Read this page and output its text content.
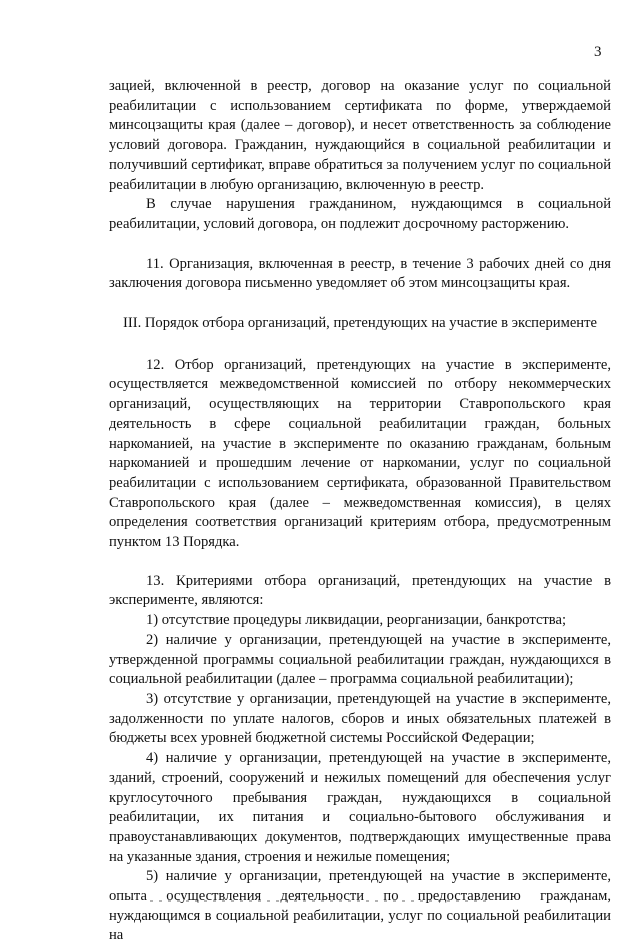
3

зацией, включенной в реестр, договор на оказание услуг по социальной реабилитации с использованием сертификата по форме, утверждаемой минсоцзащиты края (далее – договор), и несет ответственность за соблюдение условий договора. Гражданин, нуждающийся в социальной реабилитации и получивший сертификат, вправе обратиться за получением услуг по социальной реабилитации в любую организацию, включенную в реестр.

В случае нарушения гражданином, нуждающимся в социальной реабилитации, условий договора, он подлежит досрочному расторжению.

11. Организация, включенная в реестр, в течение 3 рабочих дней со дня заключения договора письменно уведомляет об этом минсоцзащиты края.

III. Порядок отбора организаций, претендующих на участие в эксперименте

12. Отбор организаций, претендующих на участие в эксперименте, осуществляется межведомственной комиссией по отбору некоммерческих организаций, осуществляющих на территории Ставропольского края деятельность в сфере социальной реабилитации граждан, больных наркоманией, на участие в эксперименте по оказанию гражданам, больным наркоманией и прошедшим лечение от наркомании, услуг по социальной реабилитации с использованием сертификата, образованной Правительством Ставропольского края (далее – межведомственная комиссия), в целях определения соответствия организаций критериям отбора, предусмотренным пунктом 13 Порядка.

13. Критериями отбора организаций, претендующих на участие в эксперименте, являются:

1) отсутствие процедуры ликвидации, реорганизации, банкротства;

2) наличие у организации, претендующей на участие в эксперименте, утвержденной программы социальной реабилитации граждан, нуждающихся в социальной реабилитации (далее – программа социальной реабилитации);

3) отсутствие у организации, претендующей на участие в эксперименте, задолженности по уплате налогов, сборов и иных обязательных платежей в бюджеты всех уровней бюджетной системы Российской Федерации;

4) наличие у организации, претендующей на участие в эксперименте, зданий, строений, сооружений и нежилых помещений для обеспечения услуг круглосуточного пребывания граждан, нуждающихся в социальной реабилитации, их питания и социально-бытового обслуживания и правоустанавливающих документов, подтверждающих имущественные права на указанные здания, строения и нежилые помещения;

5) наличие у организации, претендующей на участие в эксперименте, опыта осуществления деятельности по предоставлению гражданам, нуждающимся в социальной реабилитации, услуг по социальной реабилитации на
